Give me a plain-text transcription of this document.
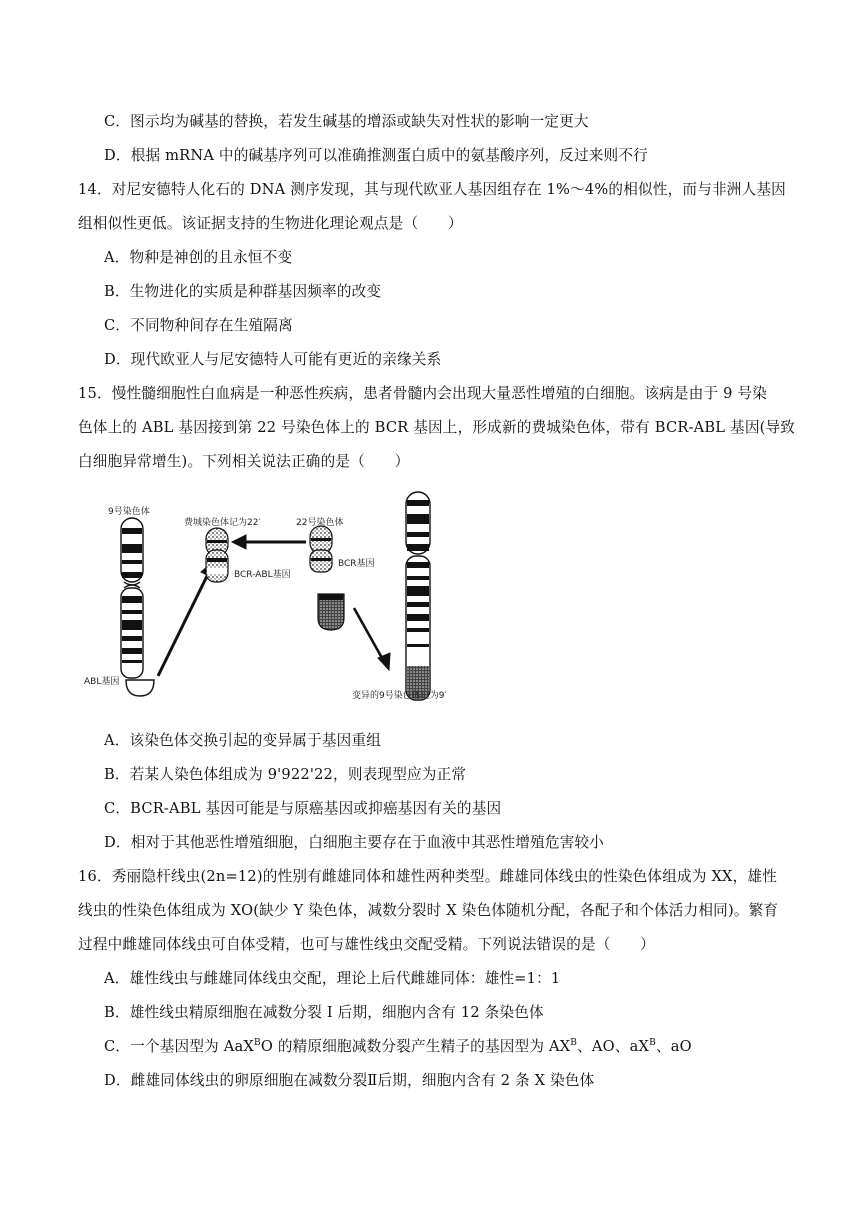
C．图示均为碱基的替换，若发生碱基的增添或缺失对性状的影响一定更大
D．根据 mRNA 中的碱基序列可以准确推测蛋白质中的氨基酸序列，反过来则不行
14．对尼安德特人化石的 DNA 测序发现，其与现代欧亚人基因组存在 1%～4%的相似性，而与非洲人基因
组相似性更低。该证据支持的生物进化理论观点是（　　）
A．物种是神创的且永恒不变
B．生物进化的实质是种群基因频率的改变
C．不同物种间存在生殖隔离
D．现代欧亚人与尼安德特人可能有更近的亲缘关系
15．慢性髓细胞性白血病是一种恶性疾病，患者骨髓内会出现大量恶性增殖的白细胞。该病是由于 9 号染
色体上的 ABL 基因接到第 22 号染色体上的 BCR 基因上，形成新的费城染色体，带有 BCR-ABL 基因(导致
白细胞异常增生)。下列相关说法正确的是（　　）
9号染色体
ABL基因
费城染色体记为22′
BCR-ABL基因
22号染色体
BCR基因
变异的9号染色体记为9′
A．该染色体交换引起的变异属于基因重组
B．若某人染色体组成为 9'922'22，则表现型应为正常
C．BCR-ABL 基因可能是与原癌基因或抑癌基因有关的基因
D．相对于其他恶性增殖细胞，白细胞主要存在于血液中其恶性增殖危害较小
16．秀丽隐杆线虫(2n=12)的性别有雌雄同体和雄性两种类型。雌雄同体线虫的性染色体组成为 XX，雄性
线虫的性染色体组成为 XO(缺少 Y 染色体，减数分裂时 X 染色体随机分配，各配子和个体活力相同)。繁育
过程中雌雄同体线虫可自体受精，也可与雄性线虫交配受精。下列说法错误的是（　　）
A．雄性线虫与雌雄同体线虫交配，理论上后代雌雄同体：雄性=1：1
B．雄性线虫精原细胞在减数分裂 I 后期，细胞内含有 12 条染色体
C．一个基因型为 AaX$^B$O 的精原细胞减数分裂产生精子的基因型为 $AX^B$、AO、$aX^B$、aO
D．雌雄同体线虫的卵原细胞在减数分裂Ⅱ后期，细胞内含有 2 条 X 染色体
